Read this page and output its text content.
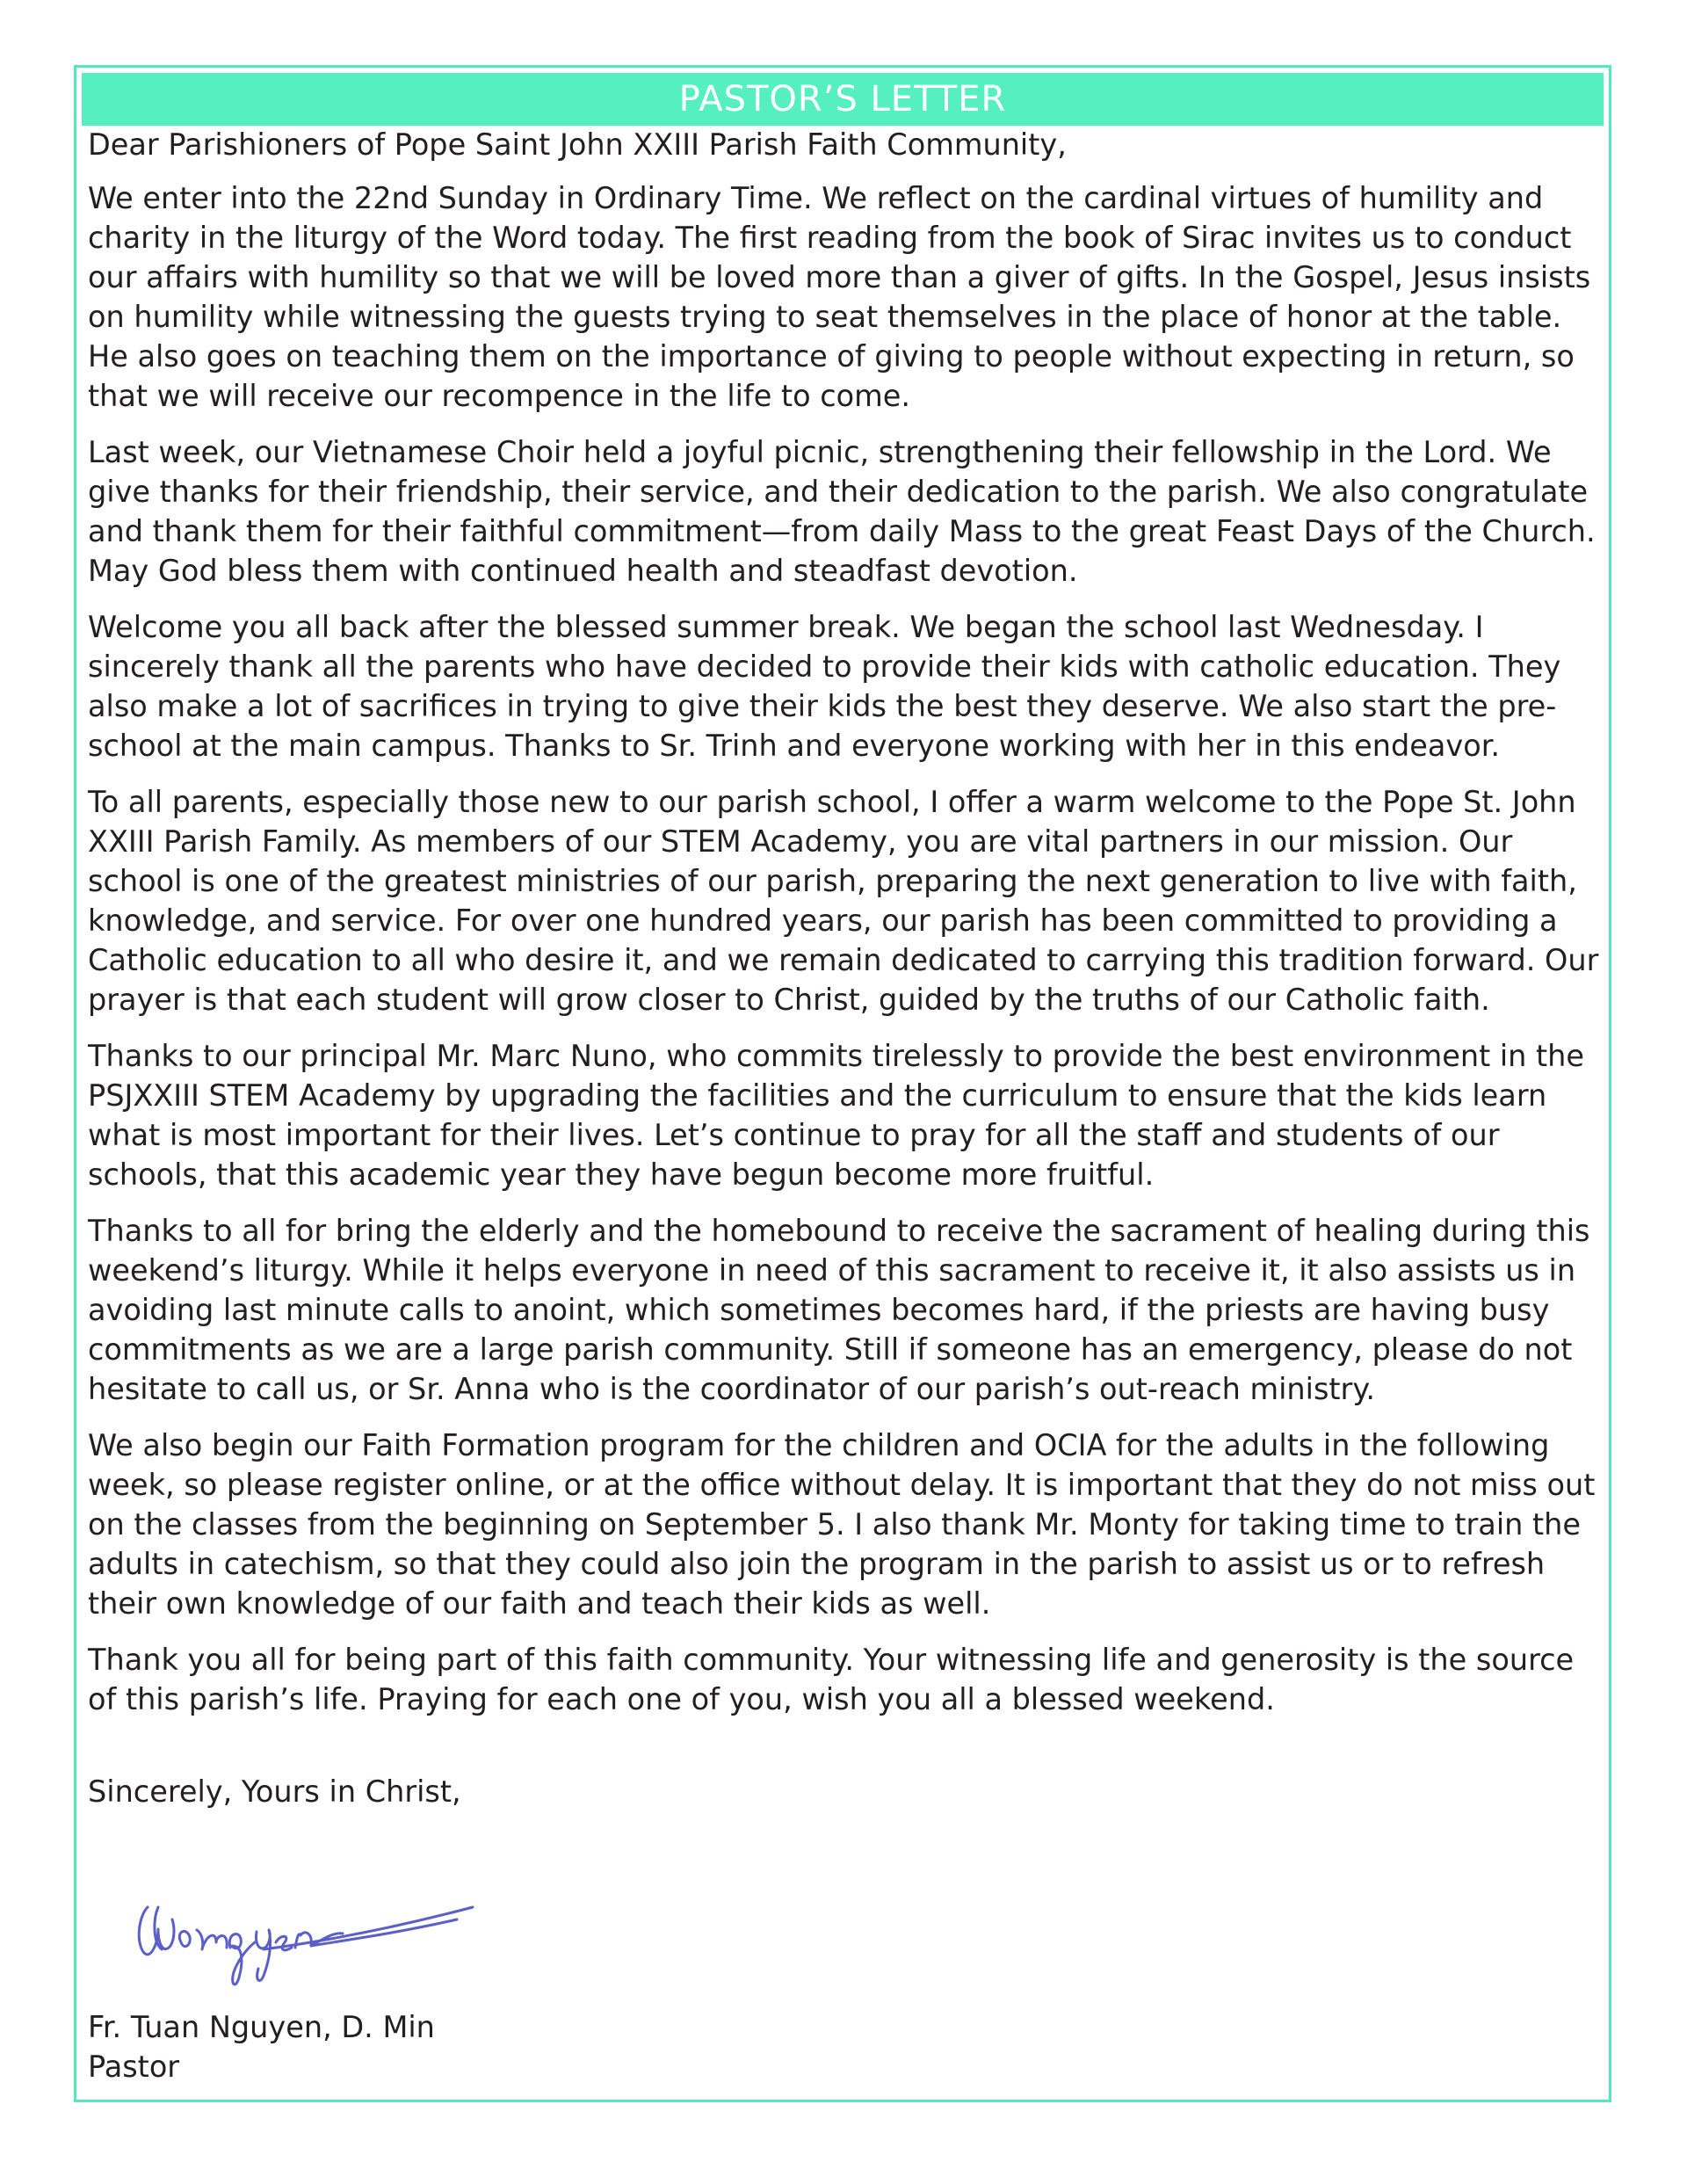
PASTOR’S LETTER

Dear Parishioners of Pope Saint John XXIII Parish Faith Community,

We enter into the 22nd Sunday in Ordinary Time. We reflect on the cardinal virtues of humility and charity in the liturgy of the Word today. The first reading from the book of Sirac invites us to conduct our affairs with humility so that we will be loved more than a giver of gifts. In the Gospel, Jesus insists on humility while witnessing the guests trying to seat themselves in the place of honor at the table. He also goes on teaching them on the importance of giving to people without expecting in return, so that we will receive our recompence in the life to come.

Last week, our Vietnamese Choir held a joyful picnic, strengthening their fellowship in the Lord. We give thanks for their friendship, their service, and their dedication to the parish. We also congratulate and thank them for their faithful commitment—from daily Mass to the great Feast Days of the Church. May God bless them with continued health and steadfast devotion.

Welcome you all back after the blessed summer break. We began the school last Wednesday. I sincerely thank all the parents who have decided to provide their kids with catholic education. They also make a lot of sacrifices in trying to give their kids the best they deserve. We also start the pre-school at the main campus. Thanks to Sr. Trinh and everyone working with her in this endeavor.

To all parents, especially those new to our parish school, I offer a warm welcome to the Pope St. John XXIII Parish Family. As members of our STEM Academy, you are vital partners in our mission. Our school is one of the greatest ministries of our parish, preparing the next generation to live with faith, knowledge, and service. For over one hundred years, our parish has been committed to providing a Catholic education to all who desire it, and we remain dedicated to carrying this tradition forward. Our prayer is that each student will grow closer to Christ, guided by the truths of our Catholic faith.

Thanks to our principal Mr. Marc Nuno, who commits tirelessly to provide the best environment in the PSJXXIII STEM Academy by upgrading the facilities and the curriculum to ensure that the kids learn what is most important for their lives. Let’s continue to pray for all the staff and students of our schools, that this academic year they have begun become more fruitful.

Thanks to all for bring the elderly and the homebound to receive the sacrament of healing during this weekend’s liturgy. While it helps everyone in need of this sacrament to receive it, it also assists us in avoiding last minute calls to anoint, which sometimes becomes hard, if the priests are having busy commitments as we are a large parish community. Still if someone has an emergency, please do not hesitate to call us, or Sr. Anna who is the coordinator of our parish’s out-reach ministry.

We also begin our Faith Formation program for the children and OCIA for the adults in the following week, so please register online, or at the office without delay. It is important that they do not miss out on the classes from the beginning on September 5. I also thank Mr. Monty for taking time to train the adults in catechism, so that they could also join the program in the parish to assist us or to refresh their own knowledge of our faith and teach their kids as well.

Thank you all for being part of this faith community. Your witnessing life and generosity is the source of this parish’s life. Praying for each one of you, wish you all a blessed weekend.

Sincerely, Yours in Christ,

Fr. Tuan Nguyen, D. Min
Pastor
